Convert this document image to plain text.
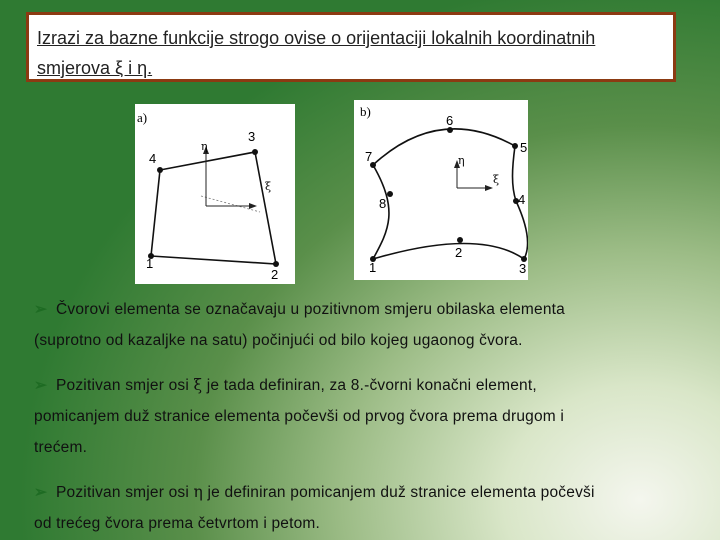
Izrazi za bazne funkcije strogo ovise o orijentaciji lokalnih koordinatnih
smjerova ξ i η.
a)
η
ξ
1
2
3
4
b)
η
ξ
1
2
3
4
5
6
7
8
➢ Čvorovi elementa se označavaju u pozitivnom smjeru obilaska elementa
(suprotno od kazaljke na satu) počinjući od bilo kojeg ugaonog čvora.
➢ Pozitivan smjer osi ξ je tada definiran, za 8.-čvorni konačni element,
pomicanjem duž stranice elementa počevši od prvog čvora prema drugom i
trećem.
➢ Pozitivan smjer osi η je definiran pomicanjem duž stranice elementa počevši
od trećeg čvora prema četvrtom i petom.
